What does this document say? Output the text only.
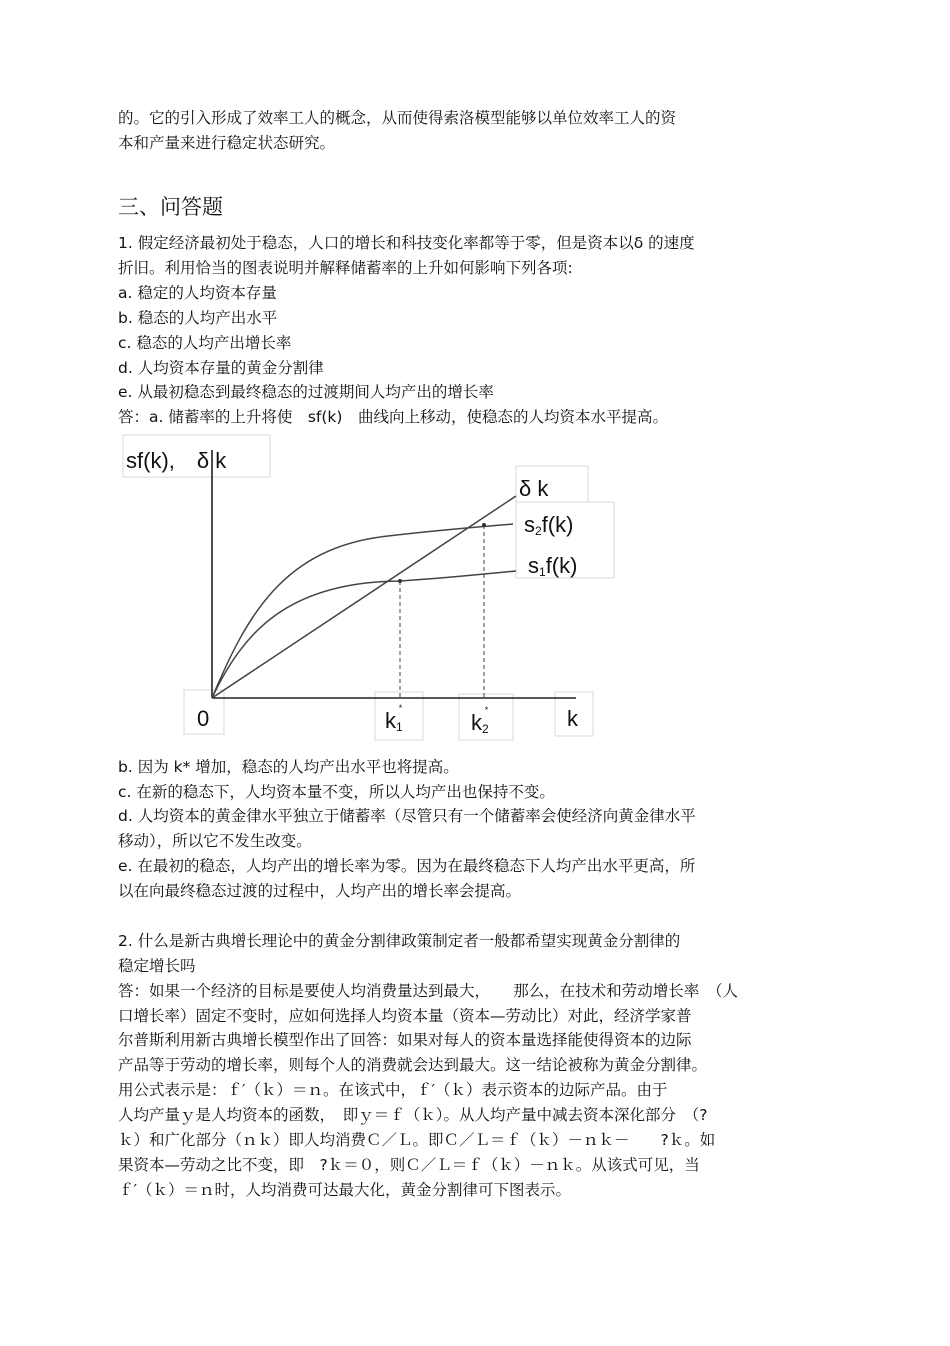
的。它的引入形成了效率工人的概念，从而使得索洛模型能够以单位效率工人的资
本和产量来进行稳定状态研究。
三、问答题
1. 假定经济最初处于稳态，人口的增长和科技变化率都等于零，但是资本以δ 的速度
折旧。利用恰当的图表说明并解释储蓄率的上升如何影响下列各项:
a. 稳定的人均资本存量
b. 稳态的人均产出水平
c. 稳态的人均产出增长率
d. 人均资本存量的黄金分割律
e. 从最初稳态到最终稳态的过渡期间人均产出的增长率
答：a. 储蓄率的上升将使　sf(k)　曲线向上移动，使稳态的人均资本水平提高。
sf(k),　δ k
δ k
s2f(k)
s1f(k)
0	k1*
k2*	k
b. 因为 k* 增加，稳态的人均产出水平也将提高。
c. 在新的稳态下，人均资本量不变，所以人均产出也保持不变。
d. 人均资本的黄金律水平独立于储蓄率（尽管只有一个储蓄率会使经济向黄金律水平
移动），所以它不发生改变。
e. 在最初的稳态，人均产出的增长率为零。因为在最终稳态下人均产出水平更高，所
以在向最终稳态过渡的过程中，人均产出的增长率会提高。
2. 什么是新古典增长理论中的黄金分割律政策制定者一般都希望实现黄金分割律的
稳定增长吗
答：如果一个经济的目标是要使人均消费量达到最大，　　那么，在技术和劳动增长率　（人
口增长率）固定不变时，应如何选择人均资本量（资本—劳动比）对此，经济学家普
尔普斯利用新古典增长模型作出了回答：如果对每人的资本量选择能使得资本的边际
产品等于劳动的增长率，则每个人的消费就会达到最大。这一结论被称为黄金分割律。
用公式表示是：ｆ′（ｋ）＝ｎ。在该式中，ｆ′（ｋ）表示资本的边际产品。由于
人均产量ｙ是人均资本的函数，　即ｙ＝ｆ（ｋ）。从人均产量中减去资本深化部分　（?
ｋ）和广化部分（ｎｋ）即人均消费Ｃ／Ｌ。即Ｃ／Ｌ＝ｆ（ｋ）－ｎｋ－　　?ｋ。如
果资本—劳动之比不变，即　?ｋ＝０，则Ｃ／Ｌ＝ｆ（ｋ）－ｎｋ。从该式可见，当
ｆ′（ｋ）＝ｎ时，人均消费可达最大化，黄金分割律可下图表示。
